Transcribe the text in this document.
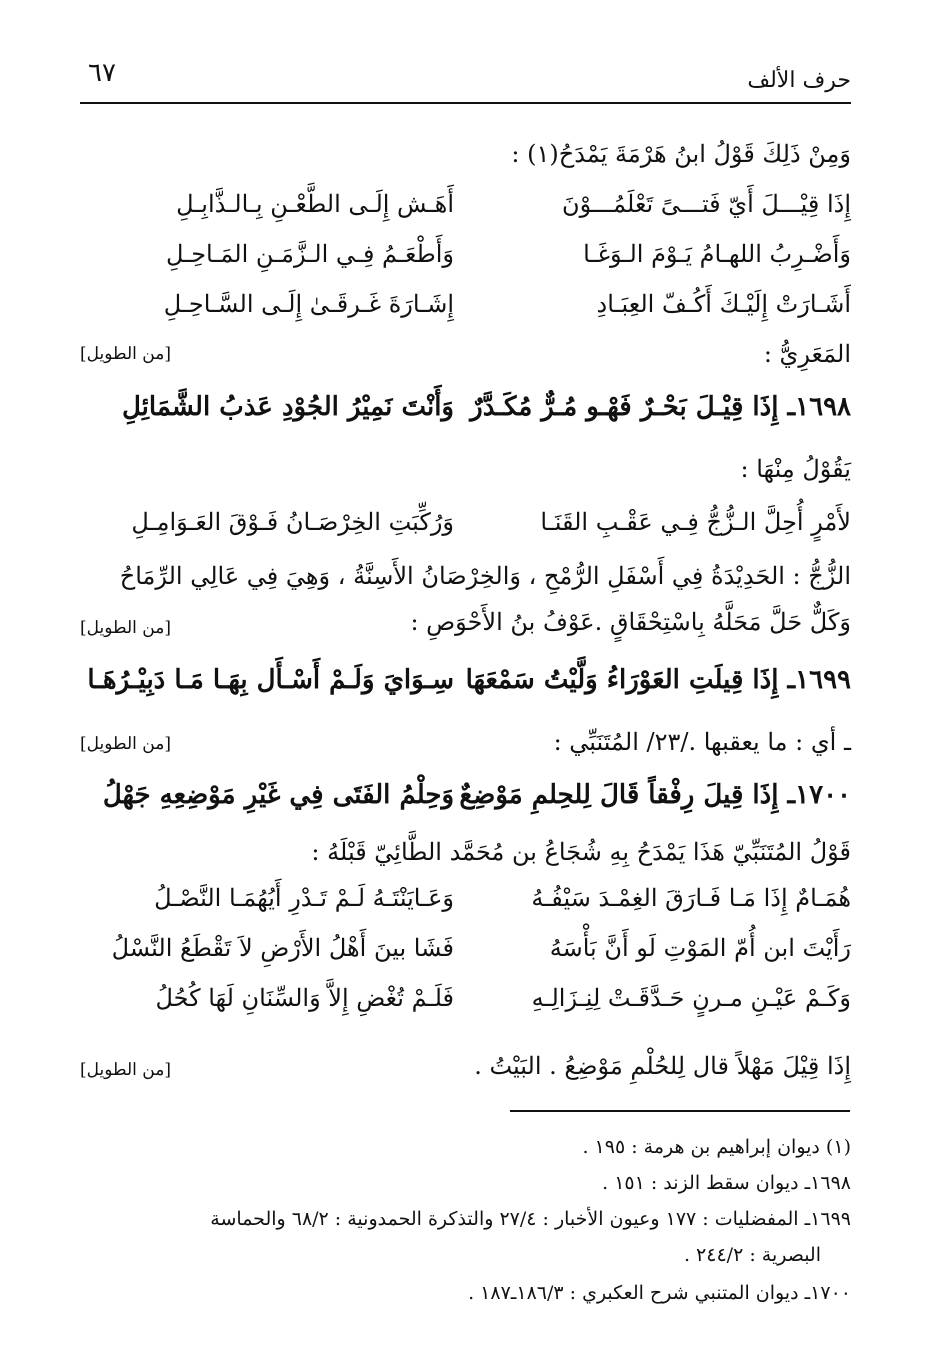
حرف الألف
٦٧
وَمِنْ ذَلِكَ قَوْلُ ابنُ هَرْمَةَ يَمْدَحُ(١) :
إِذَا قِيْـــلَ أَيّ فَتـــىً تَعْلَمُـــوْنَ
أَهَـش إِلَـى الطَّعْـنِ بِـالـذَّابِـلِ
وَأَضْـرِبُ اللهـامُ يَـوْمَ الـوَغَـا
وَأَطْعَـمُ فِـي الـزَّمَـنِ المَـاحِـلِ
أَشَـارَتْ إِلَيْـكَ أَكُـفّ العِبَـادِ
إِشَـارَةَ غَـرقَـىٰ إِلَـى السَّـاحِـلِ
المَعَرِيُّ :
[من الطويل]
١٦٩٨ـ إِذَا قِيْـلَ بَحْـرٌ فَهْـو مُـرٌّ مُكَـدَّرٌ
وَأَنْتَ نَمِيْرُ الجُوْدِ عَذبُ الشَّمَائِلِ
يَقُوْلُ مِنْهَا :
لأَمْرٍ أُحِلَّ الـزُّجُّ فِـي عَقْـبِ القَنَـا
وَرُكِّبَتِ الخِرْصَـانُ فَـوْقَ العَـوَامِـلِ
الزُّجُّ : الحَدِيْدَةُ فِي أَسْفَلِ الرُّمْحِ ، وَالخِرْصَانُ الأَسِنَّةُ ، وَهِيَ فِي عَالِي الرِّمَاحُ
وَكَلٌّ حَلَّ مَحَلَّهُ بِاسْتِحْقَاقٍ .عَوْفُ بنُ الأَحْوَصِ :
[من الطويل]
١٦٩٩ـ إِذَا قِيلَتِ العَوْرَاءُ وَلَّيْتُ سَمْعَهَا
سِـوَايَ وَلَـمْ أَسْـأَل بِهَـا مَـا دَبِيْـرُهَـا
ـ أي : ما يعقبها ./٢٣/ المُتَنَبِّي :
[من الطويل]
١٧٠٠ـ إِذَا قِيلَ رِفْقاً قَالَ لِلحِلمِ مَوْضِعٌ
وَحِلْمُ الفَتَى فِي غَيْرِ مَوْضِعِهِ جَهْلُ
قَوْلُ المُتَنَبِّيّ هَذَا يَمْدَحُ بِهِ شُجَاعُ بن مُحَمَّد الطَّائِيّ قَبْلَهُ :
هُمَـامٌ إِذَا مَـا فَـارَقَ الغِمْـدَ سَيْفُـهُ
وَعَـايَنْتَـهُ لَـمْ تَـدْرِ أَيُهُمَـا النَّصْـلُ
رَأَيْتَ ابن أُمّ المَوْتِ لَو أَنَّ بَأْسَهُ
فَشَا بينَ أَهْلُ الأَرْضِ لاَ تَقْطَعُ النَّسْلُ
وَكَـمْ عَيْـنِ مـرنٍ حَـدَّقَـتْ لِنِـزَالِـهِ
فَلَـمْ تُغْضِ إِلاَّ وَالسِّنَانِ لَهَا كُحُلُ
إِذَا قِيْلَ مَهْلاً قال لِلحُلْمِ مَوْضِعُ . البَيْتُ .
[من الطويل]
(١) ديوان إبراهيم بن هرمة : ١٩٥ .
١٦٩٨ـ ديوان سقط الزند : ١٥١ .
١٦٩٩ـ المفضليات : ١٧٧ وعيون الأخبار : ٢٧/٤ والتذكرة الحمدونية : ٦٨/٢ والحماسة
البصرية : ٢٤٤/٢ .
١٧٠٠ـ ديوان المتنبي شرح العكبري : ١٨٦/٣ـ١٨٧ .
